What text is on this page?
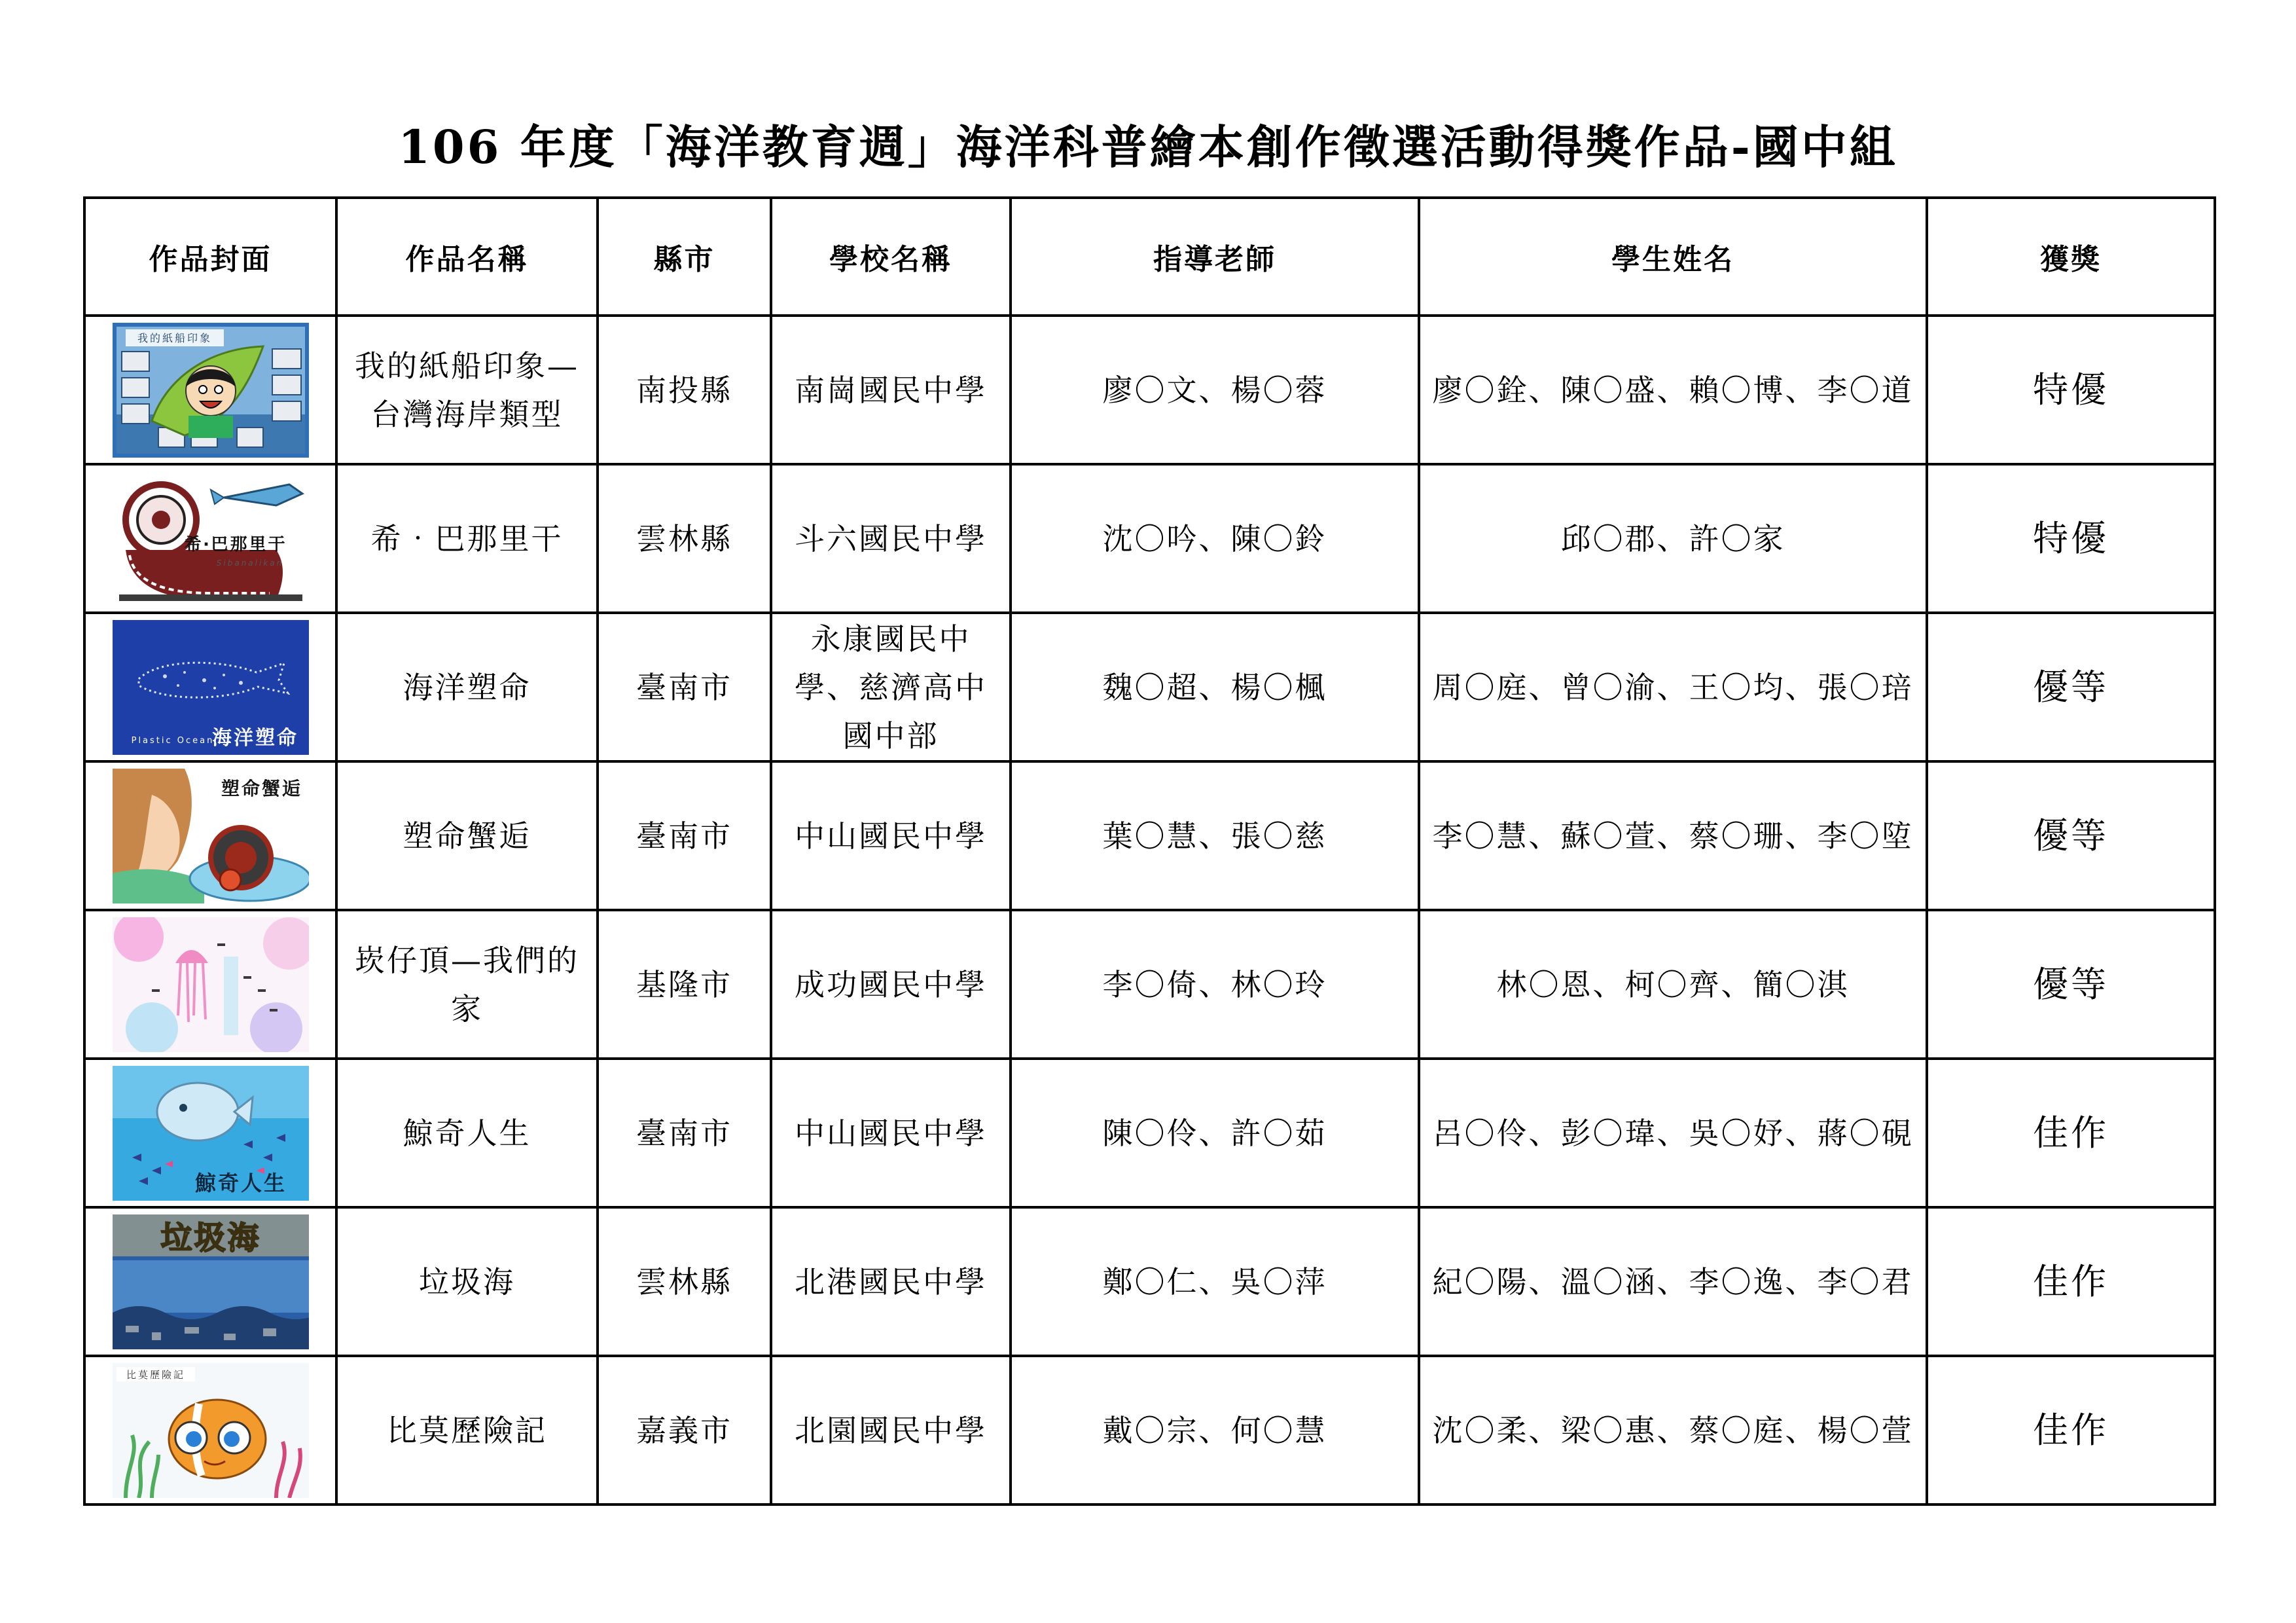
106 年度「海洋教育週」海洋科普繪本創作徵選活動得獎作品-國中組
作品封面	作品名稱	縣市	學校名稱	指導老師	學生姓名	獲獎

我的紙船印象	我的紙船印象—台灣海岸類型	南投縣	南崗國民中學	廖〇文、楊〇蓉	廖〇銓、陳〇盛、賴〇博、李〇道	特優

希‧巴那里干
Sibanalikan	希‧巴那里干	雲林縣	斗六國民中學	沈〇吟、陳〇鈴	邱〇郡、許〇家	特優

Plastic Ocean
海洋塑命	海洋塑命	臺南市	永康國民中學、慈濟高中國中部	魏〇超、楊〇楓	周〇庭、曾〇渝、王〇均、張〇琣	優等

塑命蟹逅	塑命蟹逅	臺南市	中山國民中學	葉〇慧、張〇慈	李〇慧、蘇〇萱、蔡〇珊、李〇埅	優等

	崁仔頂—我們的家	基隆市	成功國民中學	李〇倚、林〇玲	林〇恩、柯〇齊、簡〇淇	優等

鯨奇人生	鯨奇人生	臺南市	中山國民中學	陳〇伶、許〇茹	呂〇伶、彭〇瑋、吳〇妤、蔣〇硯	佳作

垃圾海	垃圾海	雲林縣	北港國民中學	鄭〇仁、吳〇萍	紀〇陽、溫〇涵、李〇逸、李〇君	佳作

比莫歷險記	比莫歷險記	嘉義市	北園國民中學	戴〇宗、何〇慧	沈〇柔、梁〇惠、蔡〇庭、楊〇萱	佳作
